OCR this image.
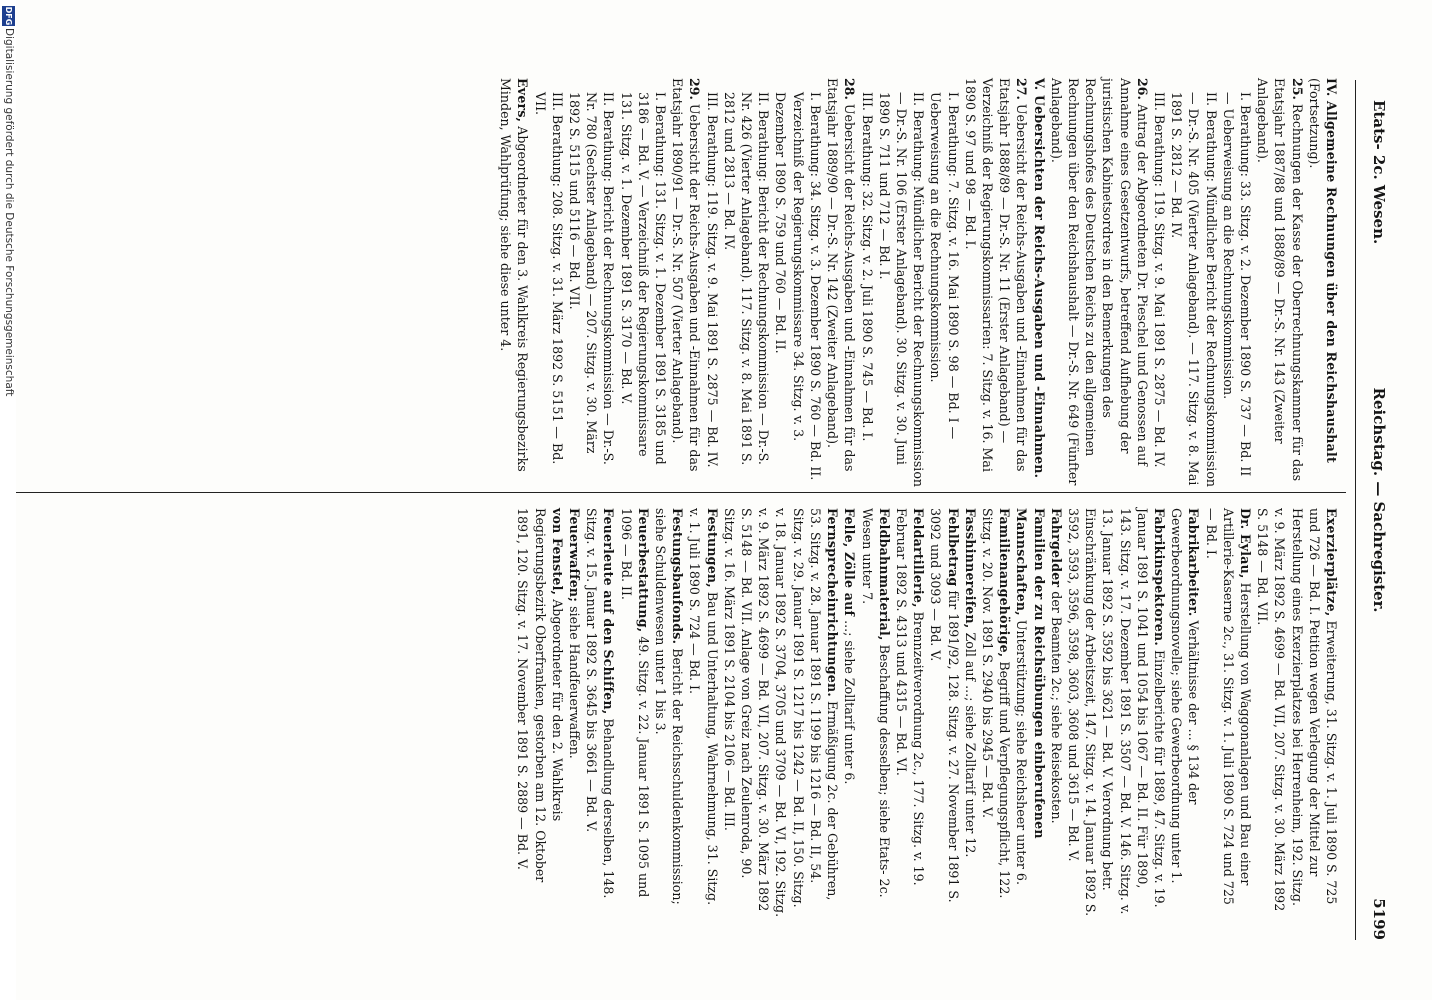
Etats- 2c. Wesen.
Reichstag. — Sachregister.
5199
IV. Allgemeine Rechnungen über den Reichshaushalt (Fortsetzung).
25.Rechnungen der Kasse der Oberrechnungskammer für das Etatsjahr 1887/88 und 1888/89 — Dr.-S. Nr. 143 (Zweiter Anlageband).
I. Berathung: 33. Sitzg. v. 2. Dezember 1890 S. 737 — Bd. II — Ueberweisung an die Rechnungskommission.
II. Berathung: Mündlicher Bericht der Rechnungskommission — Dr.-S. Nr. 405 (Vierter Anlageband). — 117. Sitzg. v. 8. Mai 1891 S. 2812 — Bd. IV.
III. Berathung: 119. Sitzg. v. 9. Mai 1891 S. 2875 — Bd. IV.
26.Antrag der Abgeordneten Dr. Pieschel und Genossen auf Annahme eines Gesetzentwurfs, betreffend Aufhebung der juristischen Kabinetsordres in den Bemerkungen des Rechnungshofes des Deutschen Reichs zu den allgemeinen Rechnungen über den Reichshaushalt — Dr.-S. Nr. 649 (Fünfter Anlageband).
V. Uebersichten der Reichs-Ausgaben und -Einnahmen.
27.Uebersicht der Reichs-Ausgaben und -Einnahmen für das Etatsjahr 1888/89 — Dr.-S. Nr. 11 (Erster Anlageband) — Verzeichniß der Regierungskommissarien: 7. Sitzg. v. 16. Mai 1890 S. 97 und 98 — Bd. I.
I. Berathung: 7. Sitzg. v. 16. Mai 1890 S. 98 — Bd. I — Ueberweisung an die Rechnungskommission.
II. Berathung: Mündlicher Bericht der Rechnungskommission — Dr.-S. Nr. 106 (Erster Anlageband). 30. Sitzg. v. 30. Juni 1890 S. 711 und 712 — Bd. I.
III. Berathung: 32. Sitzg. v. 2. Juli 1890 S. 745 — Bd. I.
28.Uebersicht der Reichs-Ausgaben und -Einnahmen für das Etatsjahr 1889/90 — Dr.-S. Nr. 142 (Zweiter Anlageband).
I. Berathung: 34. Sitzg. v. 3. Dezember 1890 S. 760 — Bd. II. Verzeichniß der Regierungskommissare 34. Sitzg. v. 3. Dezember 1890 S. 759 und 760 — Bd. II.
II. Berathung: Bericht der Rechnungskommission — Dr.-S. Nr. 426 (Vierter Anlageband). 117. Sitzg. v. 8. Mai 1891 S. 2812 und 2813 — Bd. IV.
III. Berathung: 119. Sitzg. v. 9. Mai 1891 S. 2875 — Bd. IV.
29.Uebersicht der Reichs-Ausgaben und -Einnahmen für das Etatsjahr 1890/91 — Dr.-S. Nr. 507 (Vierter Anlageband).
I. Berathung: 131. Sitzg. v. 1. Dezember 1891 S. 3185 und 3186 — Bd. V. — Verzeichniß der Regierungskommissare 131. Sitzg. v. 1. Dezember 1891 S. 3170 — Bd. V.
II. Berathung: Bericht der Rechnungskommission — Dr.-S. Nr. 780 (Sechster Anlageband) — 207. Sitzg. v. 30. März 1892 S. 5115 und 5116 — Bd. VII.
III. Berathung: 208. Sitzg. v. 31. März 1892 S. 5151 — Bd. VII.
Evers, Abgeordneter für den 3. Wahlkreis Regierungsbezirks Minden, Wahlprüfung; siehe diese unter 4.
Exerzierplätze, Erweiterung, 31. Sitzg. v. 1. Juli 1890 S. 725 und 726 — Bd. I. Petition wegen Verlegung der Mittel zur Herstellung eines Exerzierplatzes bei Herrenheim, 192. Sitzg. v. 9. März 1892 S. 4699 — Bd. VII, 207. Sitzg. v. 30. März 1892 S. 5148 — Bd. VII.
Dr. Eylau, Herstellung von Waggonanlagen und Bau einer Artillerie-Kaserne 2c., 31. Sitzg. v. 1. Juli 1890 S. 724 und 725 — Bd. I.
Fabrikarbeiter. Verhältnisse der ... § 134 der Gewerbeordnungsnovelle; siehe Gewerbeordnung unter 1.
Fabrikinspektoren. Einzelberichte für 1889, 47. Sitzg. v. 19. Januar 1891 S. 1041 und 1054 bis 1067 — Bd. II. Für 1890, 143. Sitzg. v. 17. Dezember 1891 S. 3507 — Bd. V. 146. Sitzg. v. 13. Januar 1892 S. 3592 bis 3621 — Bd. V. Verordnung betr. Einschränkung der Arbeitszeit, 147. Sitzg. v. 14. Januar 1892 S. 3592, 3593, 3596, 3598, 3603, 3608 und 3615 — Bd. V.
Fahrgelder der Beamten 2c.; siehe Reisekosten.
Familien der zu Reichsübungen einberufenen Mannschaften, Unterstützung; siehe Reichsheer unter 6.
Familienangehörige, Begriff und Verpflegungspflicht, 122. Sitzg. v. 20. Nov. 1891 S. 2940 bis 2945 — Bd. V.
Fasshinnereifen, Zoll auf ...; siehe Zolltarif unter 12.
Fehlbetrag für 1891/92, 128. Sitzg. v. 27. November 1891 S. 3092 und 3093 — Bd. V.
Feldartillerie, Brennzeitverordnung 2c., 177. Sitzg. v. 19. Februar 1892 S. 4313 und 4315 — Bd. VI.
Feldbahnmaterial, Beschaffung desselben; siehe Etats- 2c. Wesen unter 7.
Felle, Zölle auf ...; siehe Zolltarif unter 6.
Fernsprecheinrichtungen. Ermäßigung 2c. der Gebühren, 53. Sitzg. v. 28. Januar 1891 S. 1199 bis 1216 — Bd. II, 54. Sitzg. v. 29. Januar 1891 S. 1217 bis 1242 — Bd. II, 150. Sitzg. v. 18. Januar 1892 S. 3704, 3705 und 3709 — Bd. VI, 192. Sitzg. v. 9. März 1892 S. 4699 — Bd. VII, 207. Sitzg. v. 30. März 1892 S. 5148 — Bd. VII. Anlage von Greiz nach Zeulenroda, 90. Sitzg. v. 16. März 1891 S. 2104 bis 2106 — Bd. III.
Festungen, Bau und Unterhaltung, Wahrnehmung, 31. Sitzg. v. 1. Juli 1890 S. 724 — Bd. I.
Festungsbaufonds. Bericht der Reichsschuldenkommission; siehe Schuldenwesen unter 1 bis 3.
Feuerbestattung, 49. Sitzg. v. 22. Januar 1891 S. 1095 und 1096 — Bd. II.
Feuerleute auf den Schiffen, Behandlung derselben, 148. Sitzg. v. 15. Januar 1892 S. 3645 bis 3661 — Bd. V.
Feuerwaffen; siehe Handfeuerwaffen.
von Fenstel, Abgeordneter für den 2. Wahlkreis Regierungsbezirk Oberfranken, gestorben am 12. Oktober 1891, 120. Sitzg. v. 17. November 1891 S. 2889 — Bd. V.
DFG
Digitalisierung gefördert durch die Deutsche Forschungsgemeinschaft
